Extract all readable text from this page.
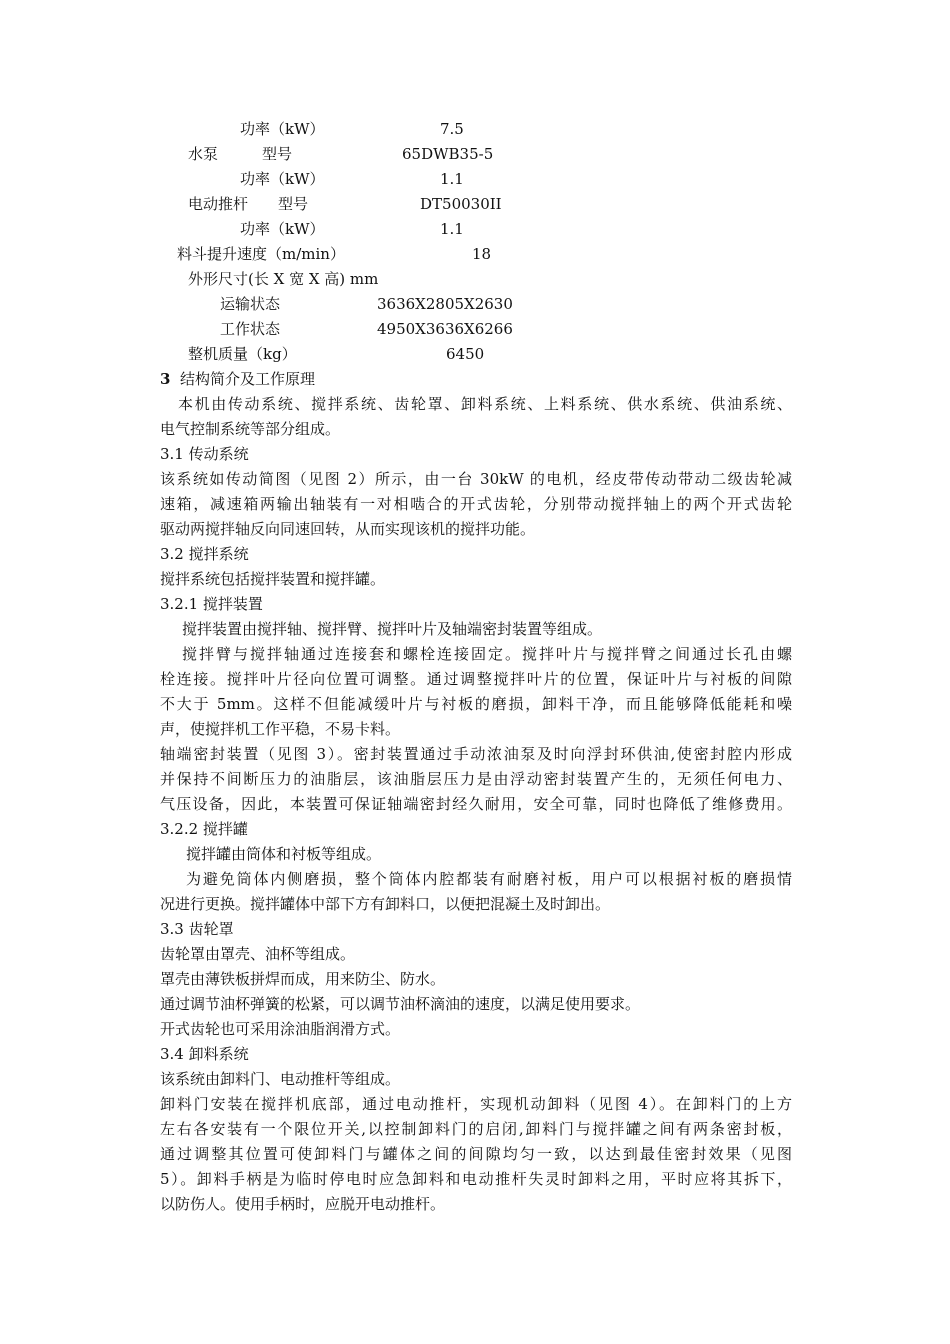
功率（kW）	7.5
水泵	型号	65DWB35-5
功率（kW）	1.1
电动推杆 型号	DT50030II
功率（kW）	1.1
料斗提升速度（m/min）	18
外形尺寸(长 X 宽 X 高) mm
运输状态	3636X2805X2630
工作状态	4950X3636X6266
整机质量（kg）	6450
3 结构简介及工作原理
本机由传动系统、搅拌系统、齿轮罩、卸料系统、上料系统、供水系统、供油系统、
电气控制系统等部分组成。
3.1 传动系统
该系统如传动简图（见图 2）所示，由一台 30kW 的电机，经皮带传动带动二级齿轮减
速箱，减速箱两输出轴装有一对相啮合的开式齿轮，分别带动搅拌轴上的两个开式齿轮
驱动两搅拌轴反向同速回转，从而实现该机的搅拌功能。
3.2 搅拌系统
搅拌系统包括搅拌装置和搅拌罐。
3.2.1 搅拌装置
搅拌装置由搅拌轴、搅拌臂、搅拌叶片及轴端密封装置等组成。
搅拌臂与搅拌轴通过连接套和螺栓连接固定。搅拌叶片与搅拌臂之间通过长孔由螺
栓连接。搅拌叶片径向位置可调整。通过调整搅拌叶片的位置，保证叶片与衬板的间隙
不大于 5mm。这样不但能减缓叶片与衬板的磨损，卸料干净，而且能够降低能耗和噪
声，使搅拌机工作平稳，不易卡料。
轴端密封装置（见图 3）。密封装置通过手动浓油泵及时向浮封环供油,使密封腔内形成
并保持不间断压力的油脂层，该油脂层压力是由浮动密封装置产生的，无须任何电力、
气压设备，因此，本装置可保证轴端密封经久耐用，安全可靠，同时也降低了维修费用。
3.2.2 搅拌罐
搅拌罐由筒体和衬板等组成。
为避免筒体内侧磨损，整个筒体内腔都装有耐磨衬板，用户可以根据衬板的磨损情
况进行更换。搅拌罐体中部下方有卸料口，以便把混凝土及时卸出。
3.3 齿轮罩
齿轮罩由罩壳、油杯等组成。
罩壳由薄铁板拼焊而成，用来防尘、防水。
通过调节油杯弹簧的松紧，可以调节油杯滴油的速度，以满足使用要求。
开式齿轮也可采用涂油脂润滑方式。
3.4 卸料系统
该系统由卸料门、电动推杆等组成。
卸料门安装在搅拌机底部，通过电动推杆，实现机动卸料（见图 4）。在卸料门的上方
左右各安装有一个限位开关,以控制卸料门的启闭,卸料门与搅拌罐之间有两条密封板，
通过调整其位置可使卸料门与罐体之间的间隙均匀一致，以达到最佳密封效果（见图
5）。卸料手柄是为临时停电时应急卸料和电动推杆失灵时卸料之用，平时应将其拆下，
以防伤人。使用手柄时，应脱开电动推杆。
